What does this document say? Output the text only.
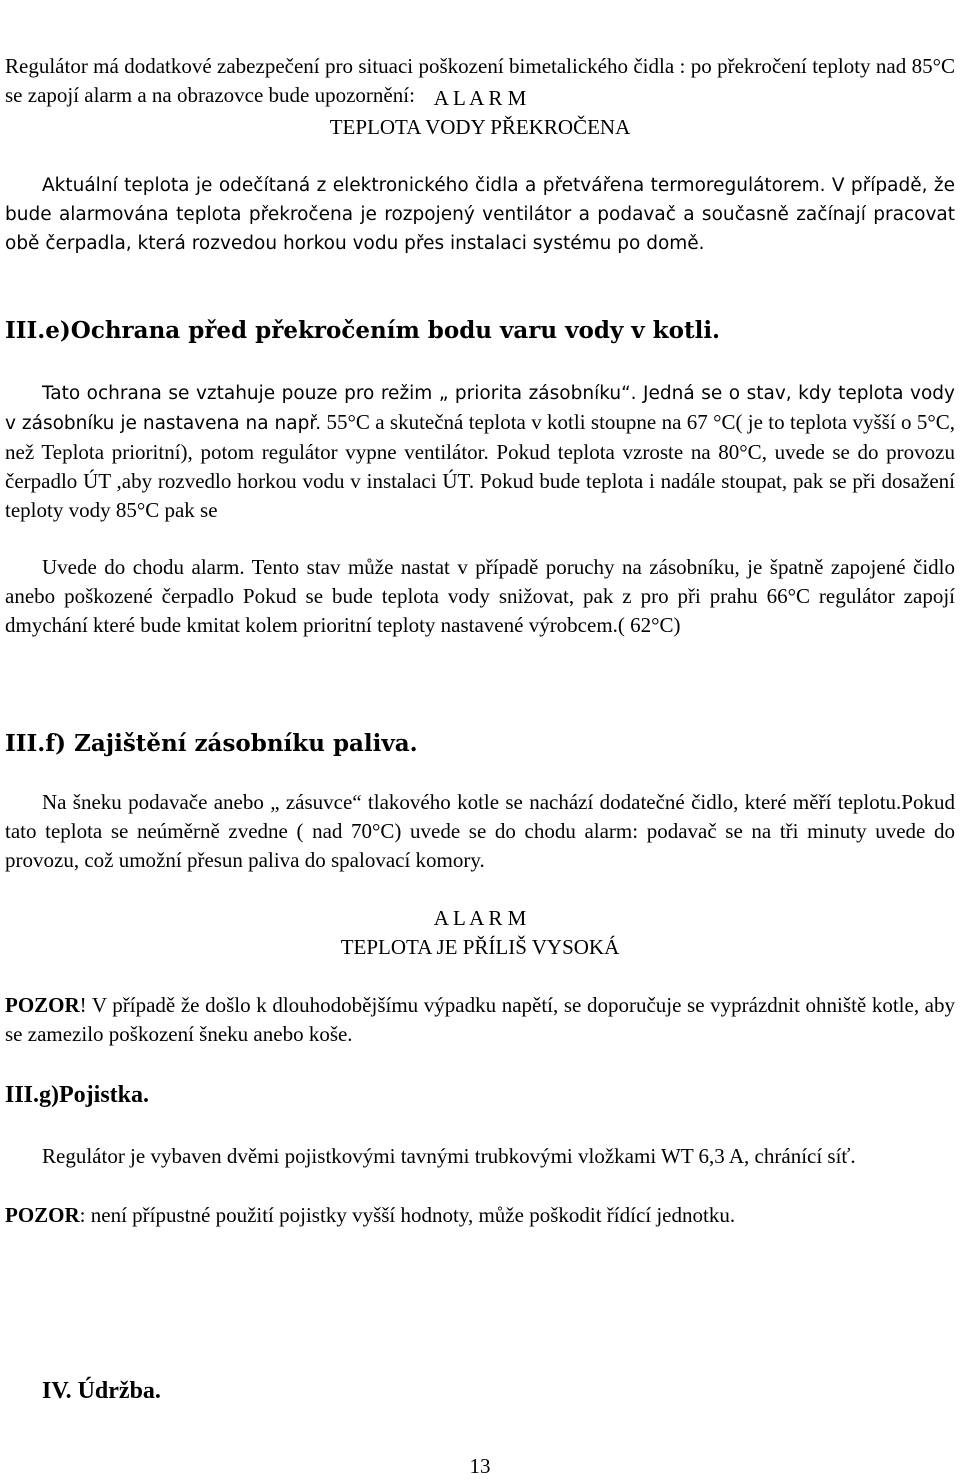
Regulátor má dodatkové zabezpečení pro situaci poškození bimetalického čidla : po překročení teploty nad 85°C se zapojí alarm a na obrazovce bude upozornění: A L A R M
TEPLOTA VODY PŘEKROČENA

Aktuální teplota je odečítaná z elektronického čidla a přetvářena termoregulátorem. V případě, že bude alarmována teplota překročena je rozpojený ventilátor a podavač a současně začínají pracovat obě čerpadla, která rozvedou horkou vodu přes instalaci systému po domě.

III.e)Ochrana před překročením bodu varu vody v kotli.

Tato ochrana se vztahuje pouze pro režim „ priorita zásobníku“. Jedná se o stav, kdy teplota vody v zásobníku je nastavena na např. 55°C a skutečná teplota v kotli stoupne na 67 °C( je to teplota vyšší o 5°C, než Teplota prioritní), potom regulátor vypne ventilátor. Pokud teplota vzroste na 80°C, uvede se do provozu čerpadlo ÚT ,aby rozvedlo horkou vodu v instalaci ÚT. Pokud bude teplota i nadále stoupat, pak se při dosažení teploty vody 85°C pak se

Uvede do chodu alarm. Tento stav může nastat v případě poruchy na zásobníku, je špatně zapojené čidlo anebo poškozené čerpadlo Pokud se bude teplota vody snižovat, pak z pro při prahu 66°C regulátor zapojí dmychání které bude kmitat kolem prioritní teploty nastavené výrobcem.( 62°C)

III.f) Zajištění zásobníku paliva.

Na šneku podavače anebo „ zásuvce“ tlakového kotle se nachází dodatečné čidlo, které měří teplotu.Pokud tato teplota se neúměrně zvedne ( nad 70°C) uvede se do chodu alarm: podavač se na tři minuty uvede do provozu, což umožní přesun paliva do spalovací komory.

A L A R M
TEPLOTA JE PŘÍLIŠ VYSOKÁ

POZOR! V případě že došlo k dlouhodobějšímu výpadku napětí, se doporučuje se vyprázdnit ohniště kotle, aby se zamezilo poškození šneku anebo koše.

III.g)Pojistka.

Regulátor je vybaven dvěmi pojistkovými tavnými trubkovými vložkami WT 6,3 A, chránící síť.

POZOR: není přípustné použití pojistky vyšší hodnoty, může poškodit řídící jednotku.

IV. Údržba.
13
